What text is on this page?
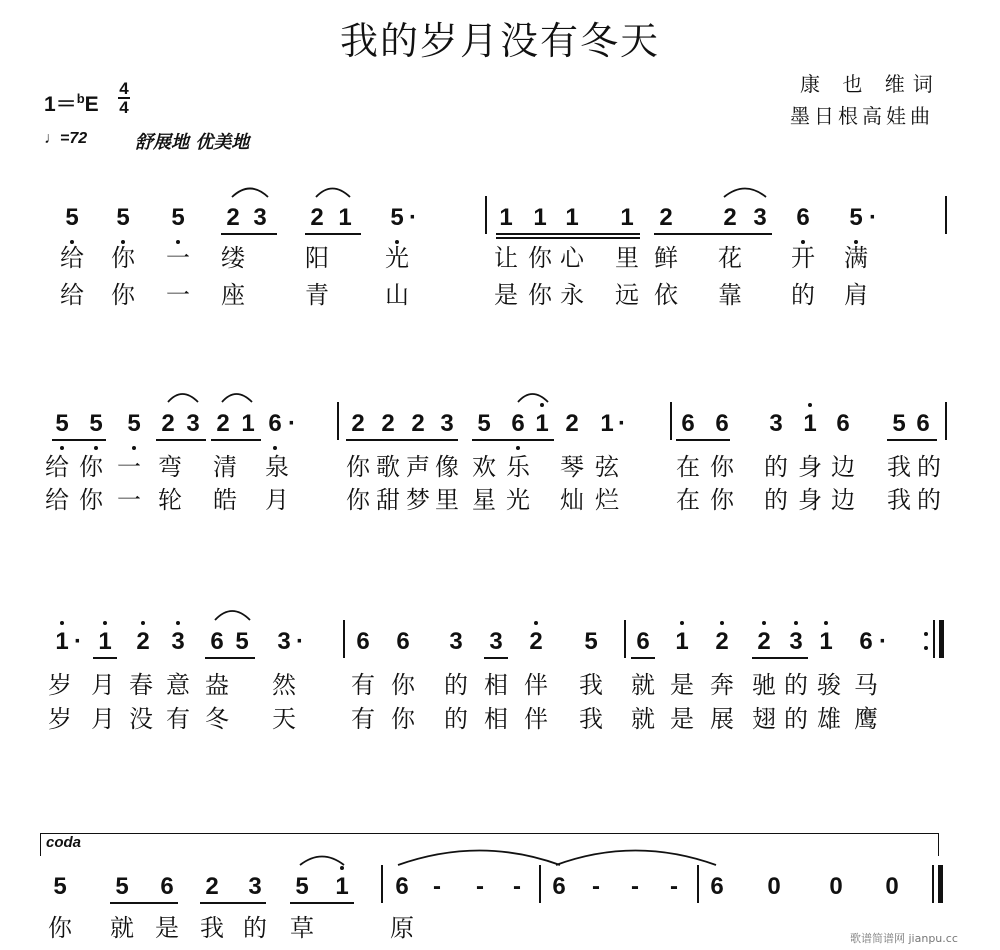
我的岁月没有冬天
康 也 维词
墨日根高娃曲
1＝$^b$E
4
4
♩=72	舒展地 优美地
5 5 5 2 3 2 1 5 ·	1 1 1 1 2 2 3 6 5 ·
给 你 一 缕	阳 光	让 你 心 里 鲜 花 开 满
给 你 一 座	青 山	是 你 永 远 依 靠 的 肩
5 5 5 2 3 2 1 6 · 2 2 2 3 5 6 1 2 1 · 6 6 3 1 6 5 6
给 你 一 弯 清 泉 你 歌 声 像 欢 乐 琴 弦 在 你 的 身 边 我 的
给 你 一 轮 皓 月 你 甜 梦 里 星 光 灿 烂 在 你 的 身 边 我 的
1 · 1 2 3 6 5 3 · 6 6 3 3 2 5 6 1 2 2 3 1 6 ·
岁 月 春 意 盎 然 有 你 的 相 伴 我 就 是 奔 驰 的 骏 马
岁 月 没 有 冬 天 有 你 的 相 伴 我 就 是 展 翅 的 雄 鹰
coda
5 5 6 2 3 5 1 6 - - - 6 - - - 6 0 0 0
你 就 是 我 的 草	原	歌谱简谱网 jianpu.cc
